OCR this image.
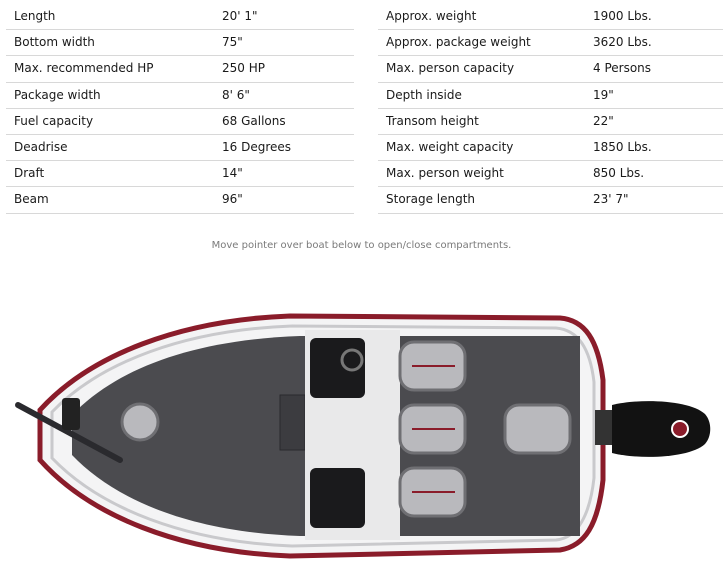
Length	20' 1"
Bottom width	75"
Max. recommended HP	250 HP
Package width	8' 6"
Fuel capacity	68 Gallons
Deadrise	16 Degrees
Draft	14"
Beam	96"
Approx. weight	1900 Lbs.
Approx. package weight	3620 Lbs.
Max. person capacity	4 Persons
Depth inside	19"
Transom height	22"
Max. weight capacity	1850 Lbs.
Max. person weight	850 Lbs.
Storage length	23' 7"
Move pointer over boat below to open/close compartments.
